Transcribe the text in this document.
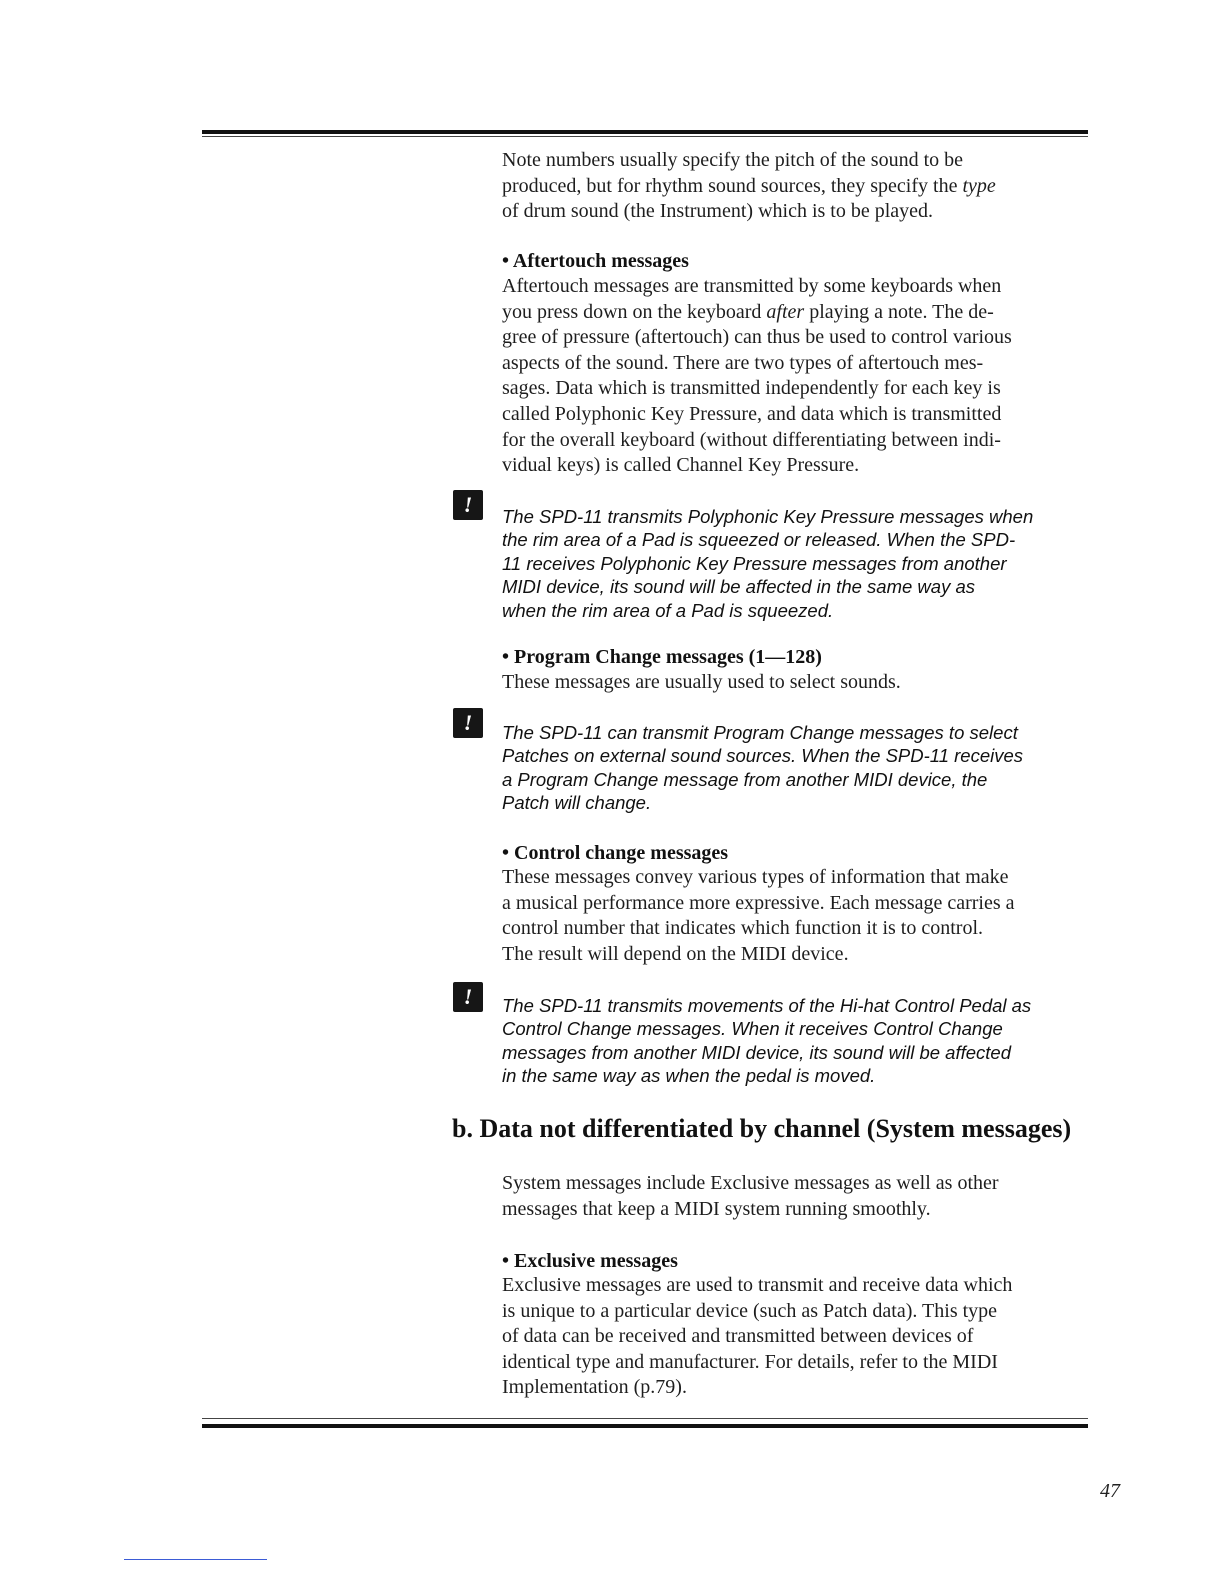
Note numbers usually specify the pitch of the sound to be
produced, but for rhythm sound sources, they specify the type
of drum sound (the Instrument) which is to be played.

• Aftertouch messages

Aftertouch messages are transmitted by some keyboards when
you press down on the keyboard after playing a note. The de-
gree of pressure (aftertouch) can thus be used to control various
aspects of the sound. There are two types of aftertouch mes-
sages. Data which is transmitted independently for each key is
called Polyphonic Key Pressure, and data which is transmitted
for the overall keyboard (without differentiating between indi-
vidual keys) is called Channel Key Pressure.

!	The SPD-11 transmits Polyphonic Key Pressure messages when
the rim area of a Pad is squeezed or released. When the SPD-
11 receives Polyphonic Key Pressure messages from another
MIDI device, its sound will be affected in the same way as
when the rim area of a Pad is squeezed.

• Program Change messages (1—128)

These messages are usually used to select sounds.

!	The SPD-11 can transmit Program Change messages to select
Patches on external sound sources. When the SPD-11 receives
a Program Change message from another MIDI device, the
Patch will change.

• Control change messages

These messages convey various types of information that make
a musical performance more expressive. Each message carries a
control number that indicates which function it is to control.
The result will depend on the MIDI device.

!	The SPD-11 transmits movements of the Hi-hat Control Pedal as
Control Change messages. When it receives Control Change
messages from another MIDI device, its sound will be affected
in the same way as when the pedal is moved.

b. Data not differentiated by channel (System messages)

System messages include Exclusive messages as well as other
messages that keep a MIDI system running smoothly.

• Exclusive messages

Exclusive messages are used to transmit and receive data which
is unique to a particular device (such as Patch data). This type
of data can be received and transmitted between devices of
identical type and manufacturer. For details, refer to the MIDI
Implementation (p.79).

47
